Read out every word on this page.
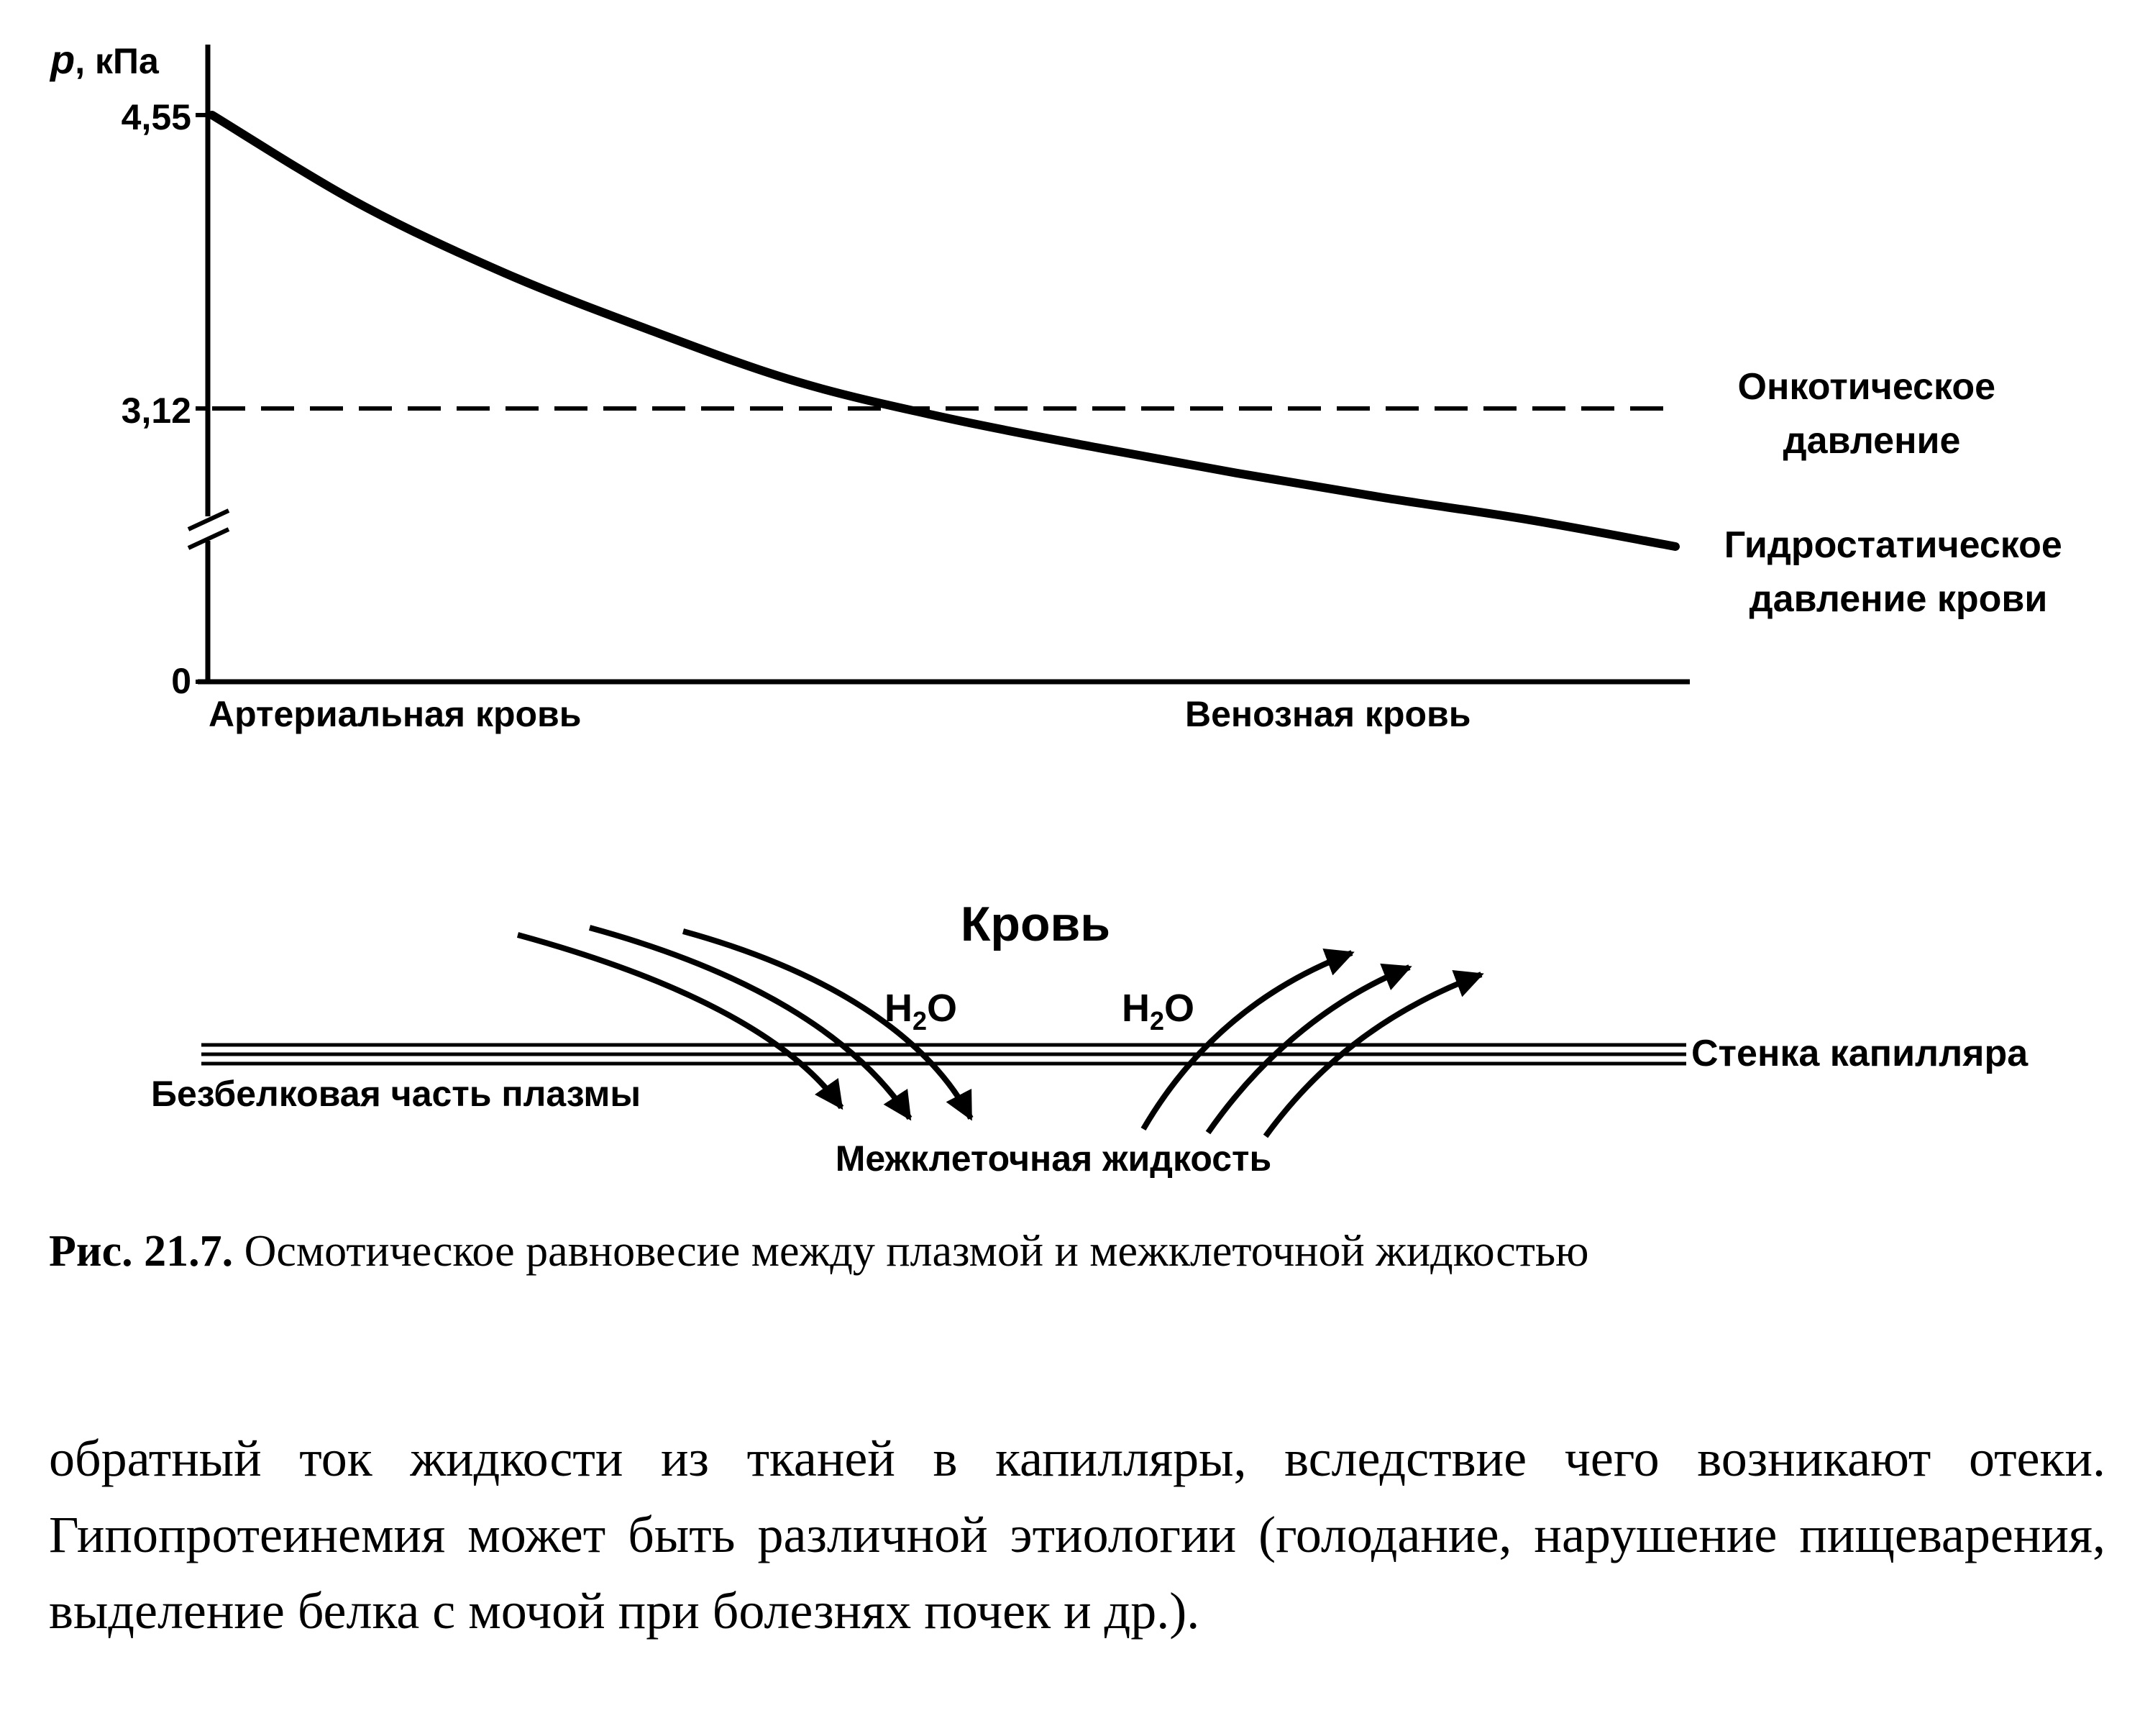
p, кПа
4,55
3,12
0
Онкотическое давление
Гидростатическое давление крови
Артериальная кровь	Венозная кровь
Кровь
$H_2O$	$H_2O$
Стенка капилляра
Безбелковая часть плазмы
Межклеточная жидкость
Рис. 21.7. Осмотическое равновесие между плазмой и межклеточной жидкостью
обратный ток жидкости из тканей в капилляры, вследствие чего возникают отеки. Гипопротеинемия может быть различной этиологии (голодание, нарушение пищеварения, выделение белка с мочой при болезнях почек и др.).
